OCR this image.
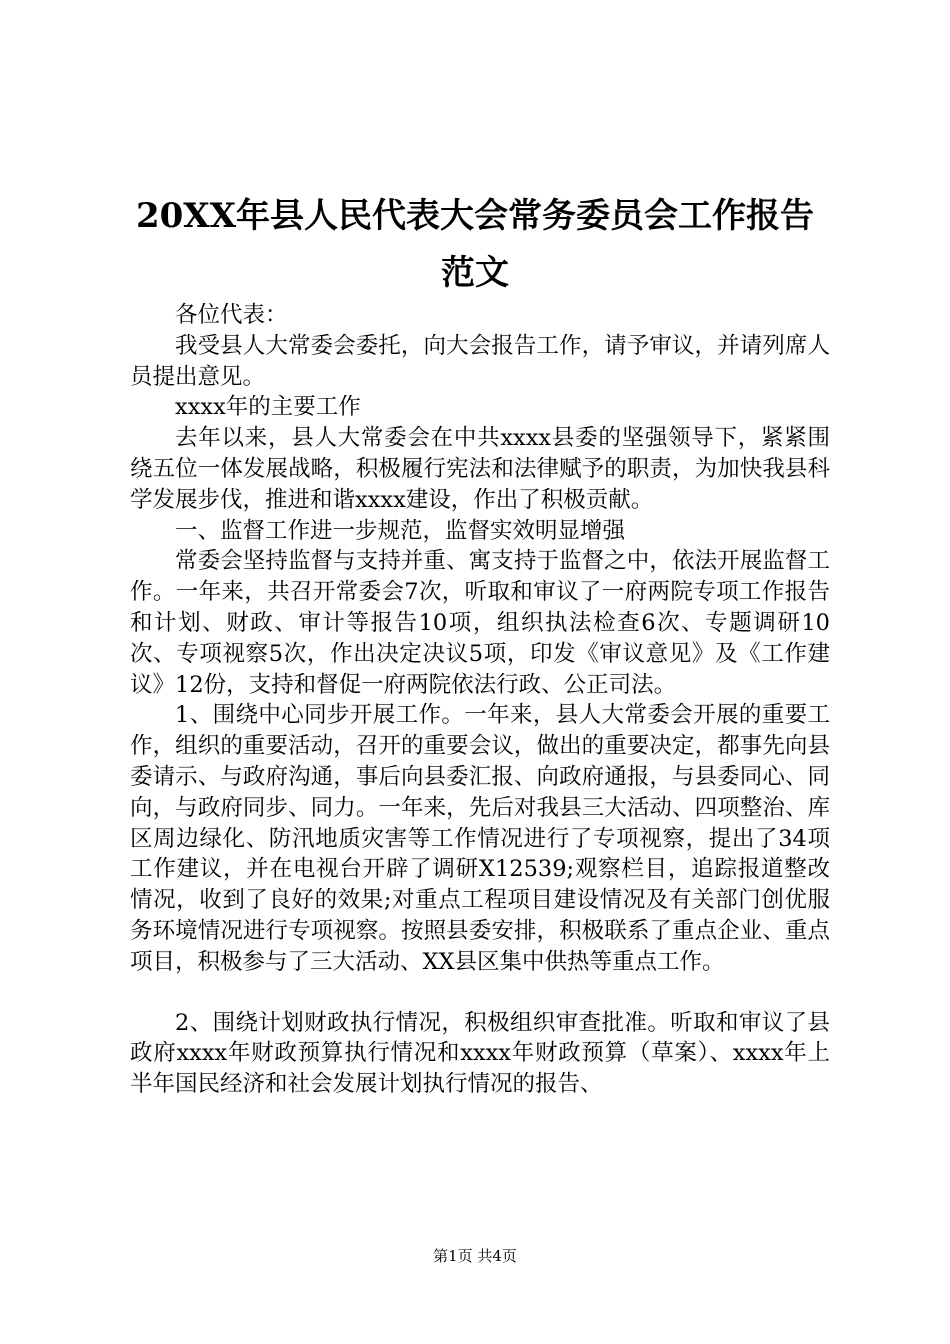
20XX年县人民代表大会常务委员会工作报告
范文

各位代表：

我受县人大常委会委托，向大会报告工作，请予审议，并请列席人员提出意见。

xxxx年的主要工作

去年以来，县人大常委会在中共xxxx县委的坚强领导下，紧紧围绕五位一体发展战略，积极履行宪法和法律赋予的职责，为加快我县科学发展步伐，推进和谐xxxx建设，作出了积极贡献。

一、监督工作进一步规范，监督实效明显增强

常委会坚持监督与支持并重、寓支持于监督之中，依法开展监督工作。一年来，共召开常委会7次，听取和审议了一府两院专项工作报告和计划、财政、审计等报告10项，组织执法检查6次、专题调研10次、专项视察5次，作出决定决议5项，印发《审议意见》及《工作建议》12份，支持和督促一府两院依法行政、公正司法。

1、围绕中心同步开展工作。一年来，县人大常委会开展的重要工作，组织的重要活动，召开的重要会议，做出的重要决定，都事先向县委请示、与政府沟通，事后向县委汇报、向政府通报，与县委同心、同向，与政府同步、同力。一年来，先后对我县三大活动、四项整治、库区周边绿化、防汛地质灾害等工作情况进行了专项视察，提出了34项工作建议，并在电视台开辟了调研X12539;观察栏目，追踪报道整改情况，收到了良好的效果;对重点工程项目建设情况及有关部门创优服务环境情况进行专项视察。按照县委安排，积极联系了重点企业、重点项目，积极参与了三大活动、XX县区集中供热等重点工作。

2、围绕计划财政执行情况，积极组织审查批准。听取和审议了县政府xxxx年财政预算执行情况和xxxx年财政预算（草案）、xxxx年上半年国民经济和社会发展计划执行情况的报告、

第1页 共4页
